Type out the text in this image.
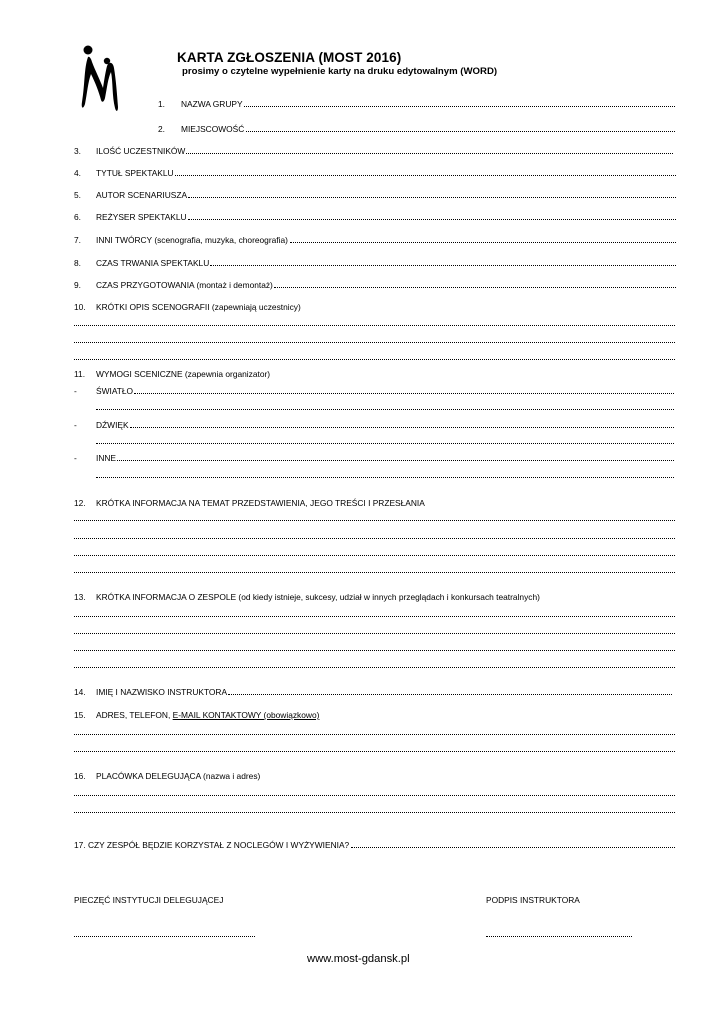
KARTA ZGŁOSZENIA (MOST 2016)
prosimy o czytelne wypełnienie karty na druku edytowalnym (WORD)
1. NAZWA GRUPY
2. MIEJSCOWOŚĆ
3. ILOŚĆ UCZESTNIKÓW
4. TYTUŁ SPEKTAKLU
5. AUTOR SCENARIUSZA
6. REŻYSER SPEKTAKLU
7. INNI TWÓRCY (scenografia, muzyka, choreografia)
8. CZAS TRWANIA SPEKTAKLU
9. CZAS PRZYGOTOWANIA (montaż i demontaż)
10. KRÓTKI OPIS SCENOGRAFII (zapewniają uczestnicy)
11. WYMOGI SCENICZNE (zapewnia organizator)
- ŚWIATŁO
- DŹWIĘK
- INNE
12. KRÓTKA INFORMACJA NA TEMAT PRZEDSTAWIENIA, JEGO TREŚCI I PRZESŁANIA
13. KRÓTKA INFORMACJA O ZESPOLE (od kiedy istnieje, sukcesy, udział w innych przeglądach i konkursach teatralnych)
14. IMIĘ I NAZWISKO INSTRUKTORA
15. ADRES, TELEFON, E-MAIL KONTAKTOWY (obowiązkowo)
16. PLACÓWKA DELEGUJĄCA (nazwa i adres)
17. CZY ZESPÓŁ BĘDZIE KORZYSTAŁ Z NOCLEGÓW I WYŻYWIENIA?
PIECZĘĆ INSTYTUCJI DELEGUJĄCEJ	PODPIS INSTRUKTORA
www.most-gdansk.pl
